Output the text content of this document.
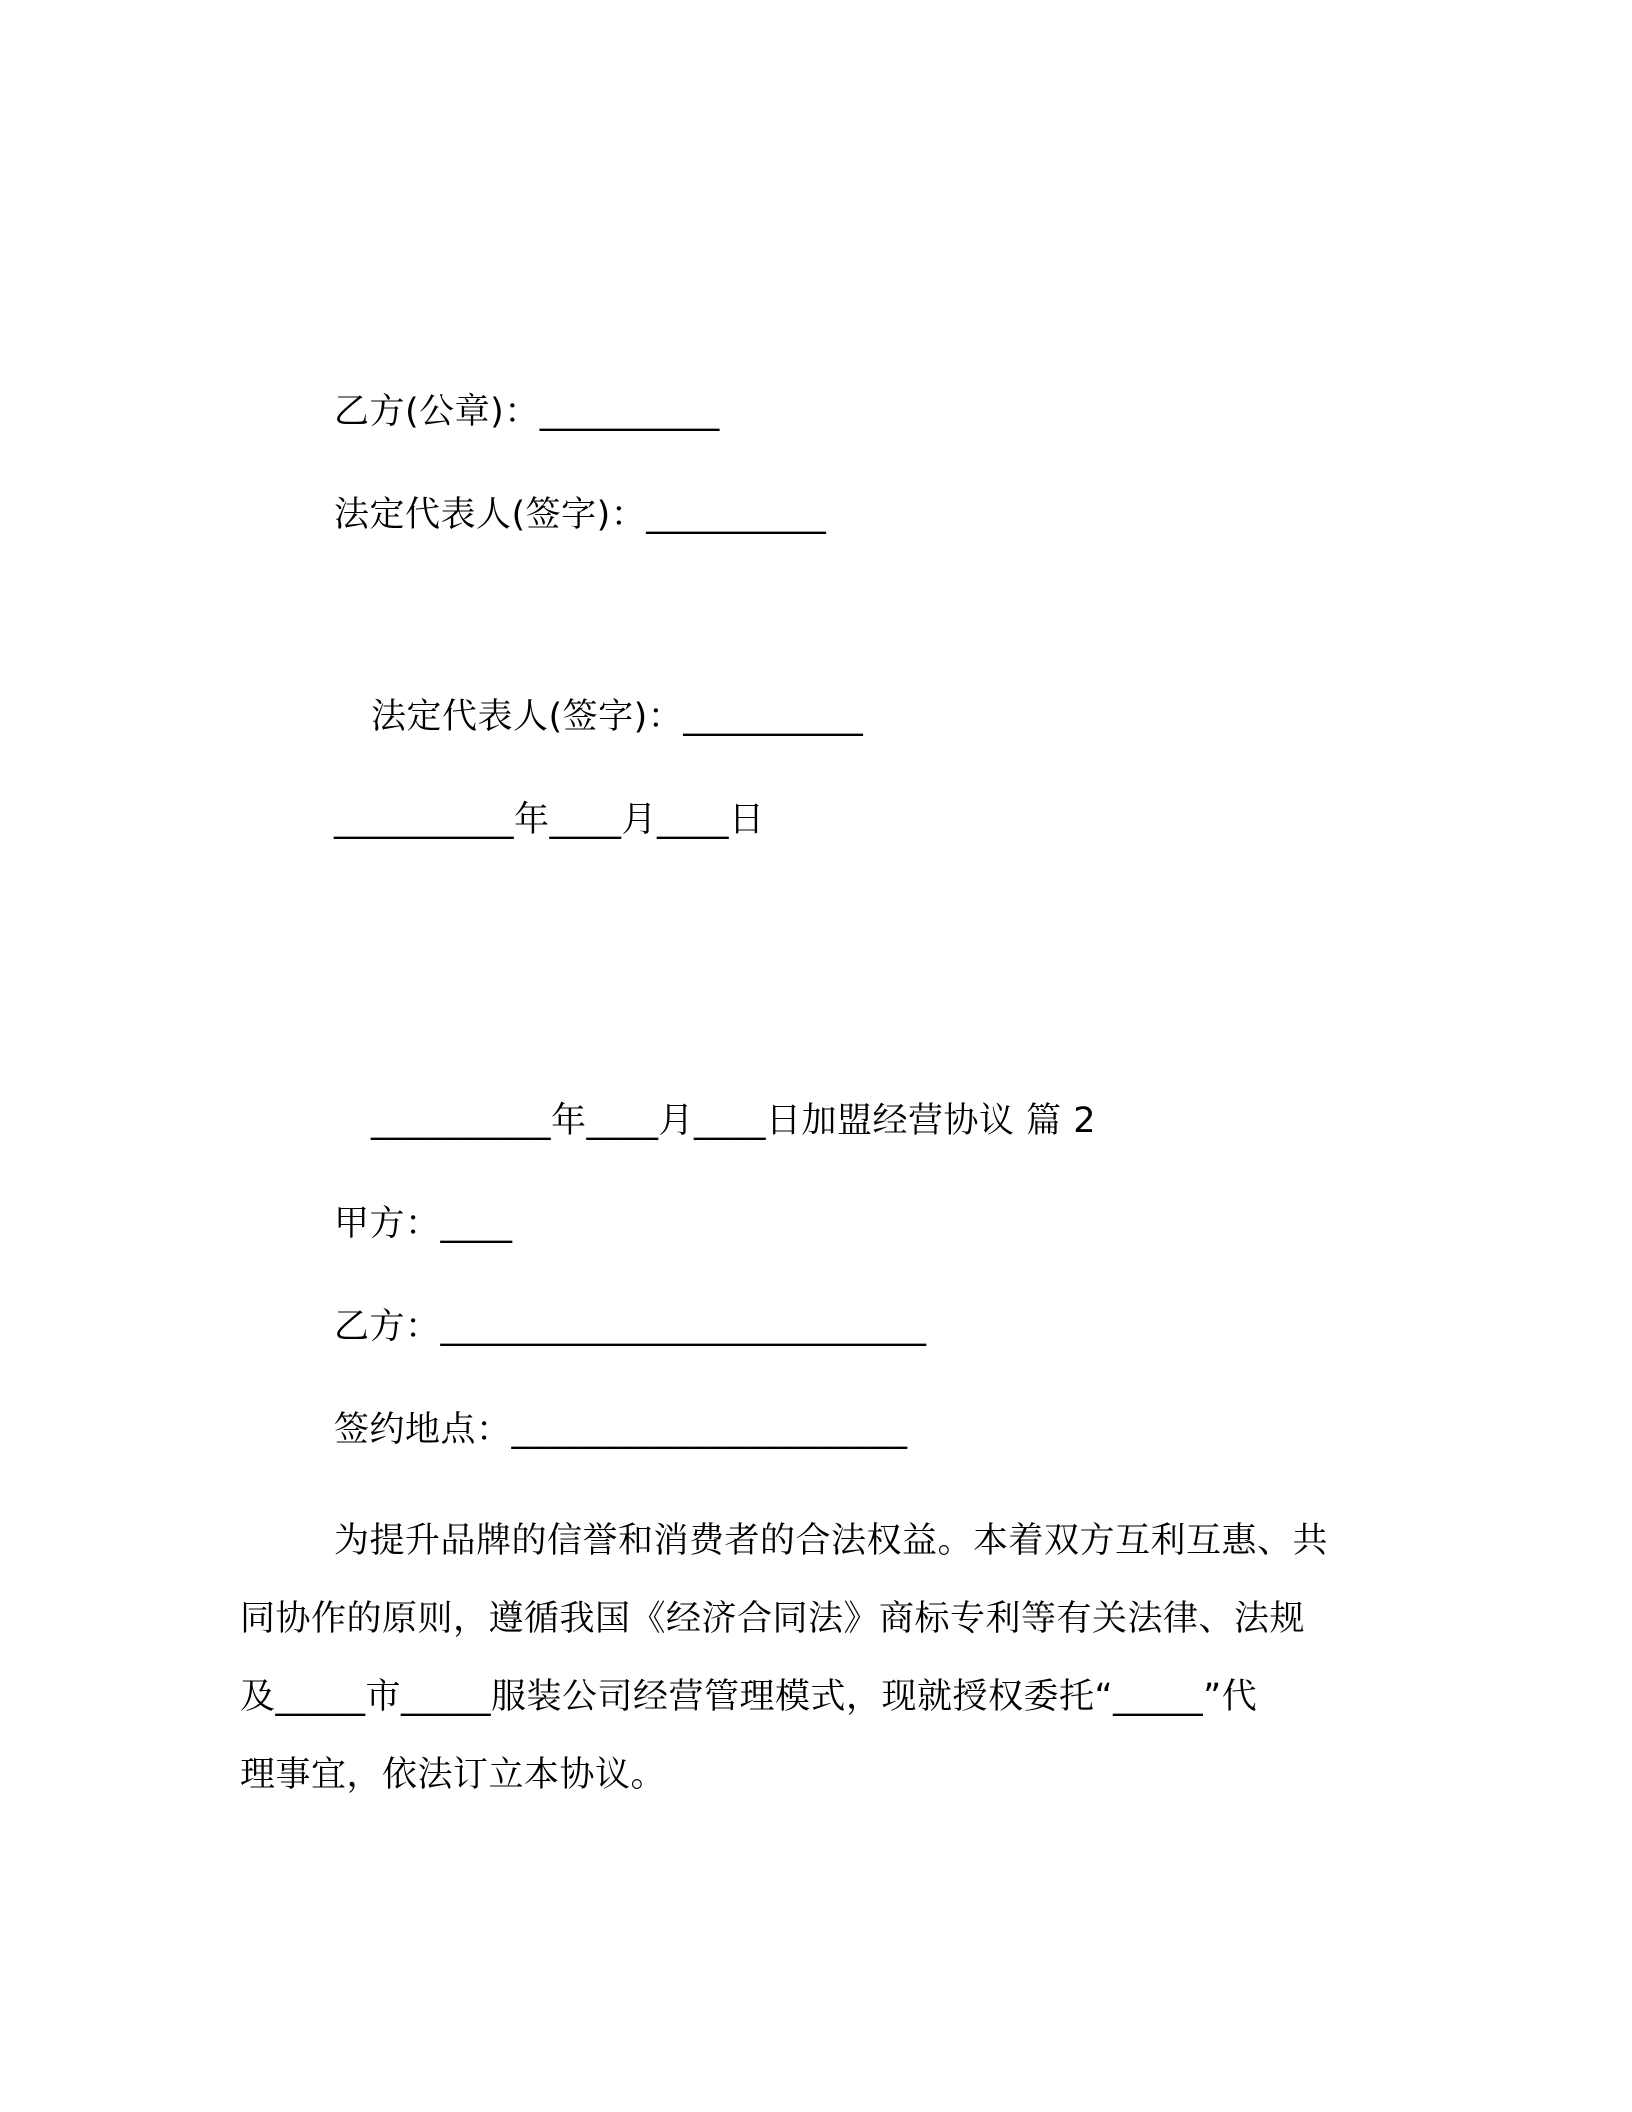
乙方(公章)：__________
法定代表人(签字)：__________
法定代表人(签字)：__________
__________年____月____日
__________年____月____日加盟经营协议 篇 2
甲方：____
乙方：___________________________
签约地点：______________________
为提升品牌的信誉和消费者的合法权益。本着双方互利互惠、共
同协作的原则，遵循我国《经济合同法》商标专利等有关法律、法规
及_____市_____服装公司经营管理模式，现就授权委托“_____”代
理事宜，依法订立本协议。
